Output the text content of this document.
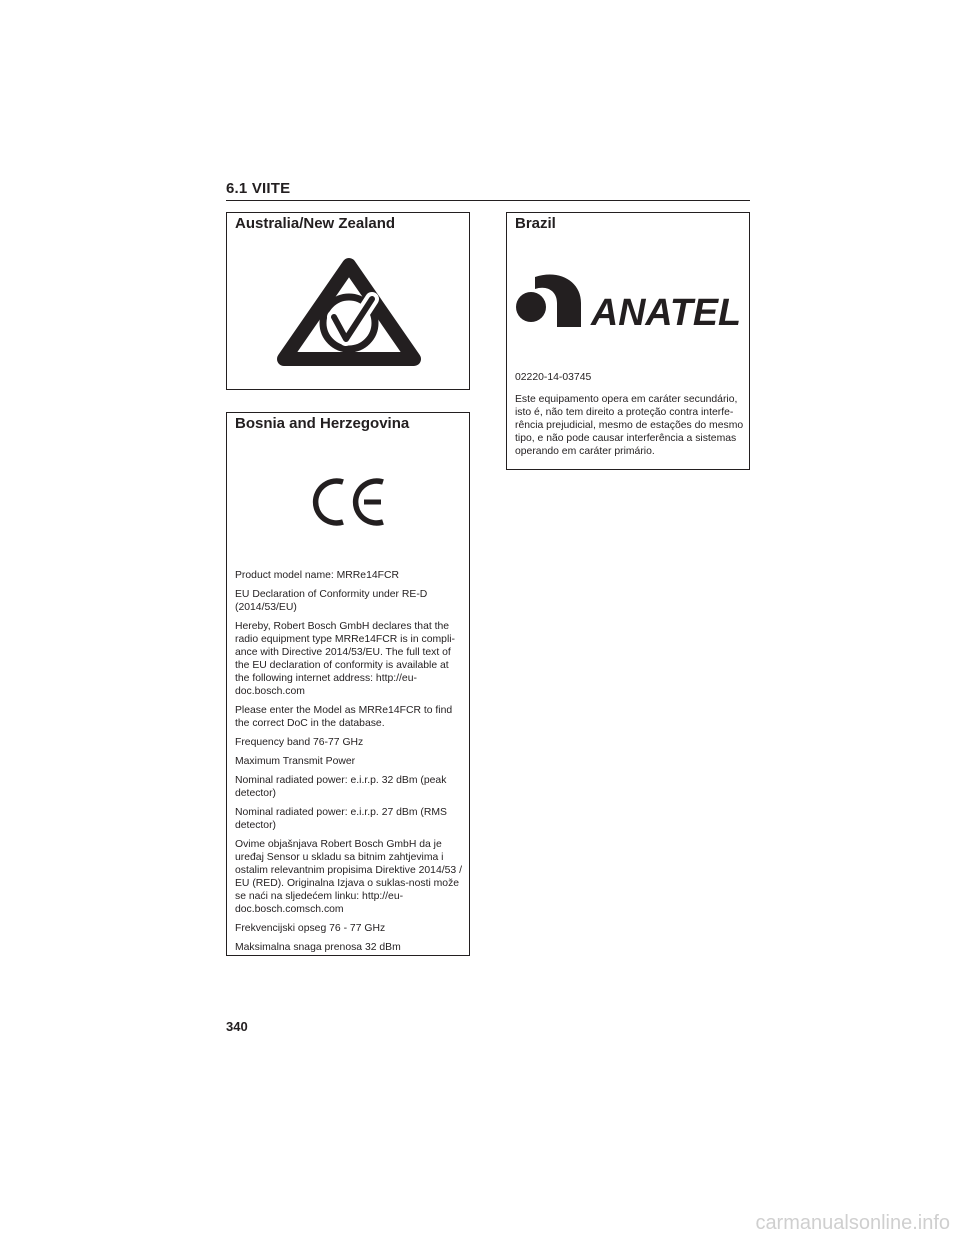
6.1 VIITE
Australia/New Zealand
Bosnia and Herzegovina

Product model name: MRRe14FCR

EU Declaration of Conformity under RE-D (2014/53/EU)

Hereby, Robert Bosch GmbH declares that the radio equipment type MRRe14FCR is in compli-ance with Directive 2014/53/EU. The full text of the EU declaration of conformity is available at the following internet address: http://eu-doc.bosch.com

Please enter the Model as MRRe14FCR to find the correct DoC in the database.

Frequency band 76-77 GHz

Maximum Transmit Power

Nominal radiated power: e.i.r.p. 32 dBm (peak detector)

Nominal radiated power: e.i.r.p. 27 dBm (RMS detector)

Ovime objašnjava Robert Bosch GmbH da je uređaj Sensor u skladu sa bitnim zahtjevima i ostalim relevantnim propisima Direktive 2014/53 / EU (RED). Originalna Izjava o suklas-nosti može se naći na sljedećem linku: http://eu-doc.bosch.comsch.com

Frekvencijski opseg 76 - 77 GHz

Maksimalna snaga prenosa 32 dBm

Brazil
ANATEL
02220-14-03745
Este equipamento opera em caráter secundário, isto é, não tem direito a proteção contra interfe-rência prejudicial, mesmo de estações do mesmo tipo, e não pode causar interferência a sistemas operando em caráter primário.
340
carmanualsonline.info
